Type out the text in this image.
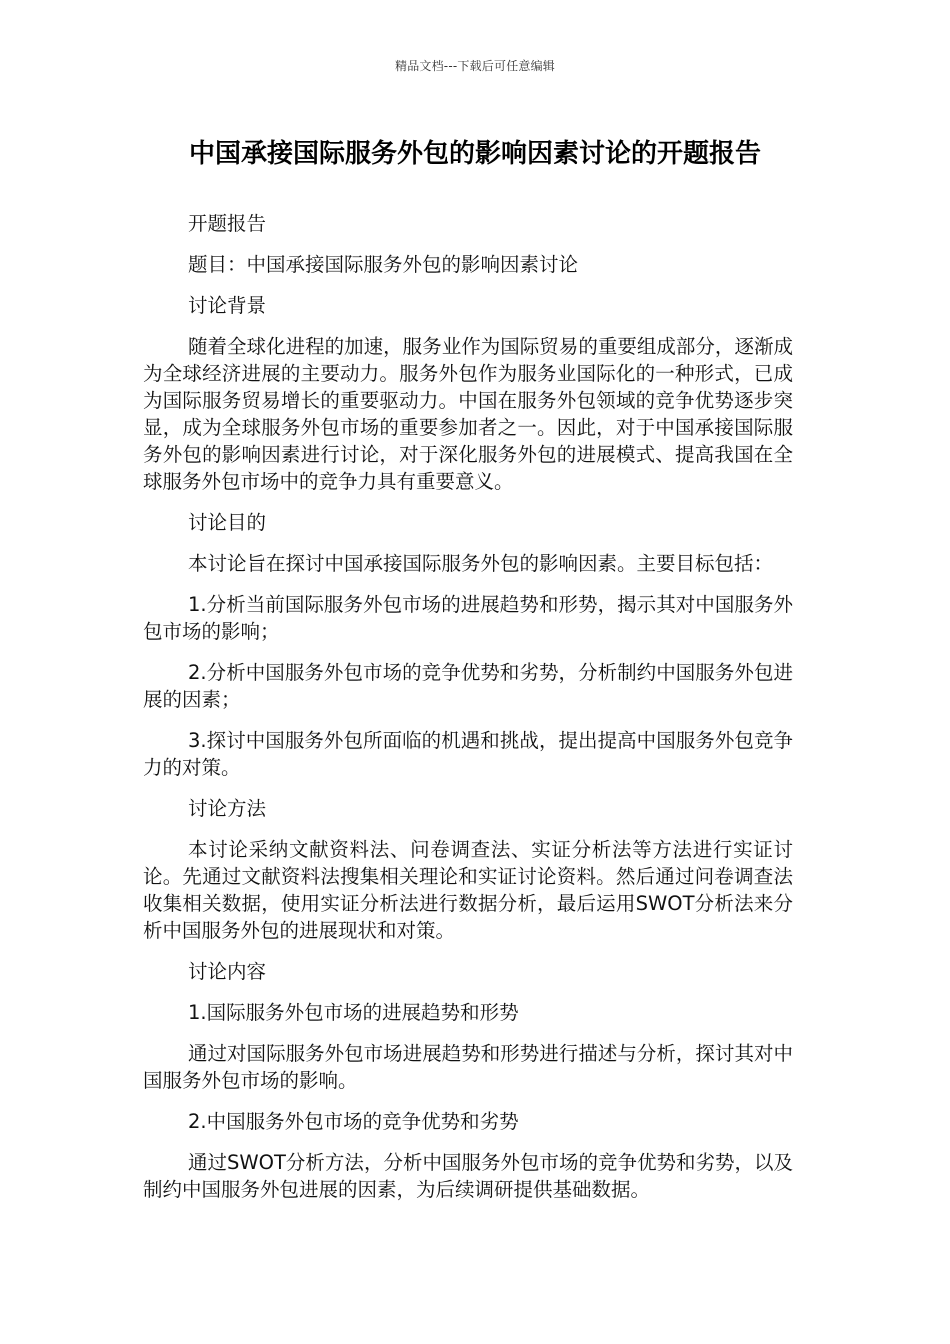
精品文档---下载后可任意编辑
中国承接国际服务外包的影响因素讨论的开题报告

开题报告

题目：中国承接国际服务外包的影响因素讨论

讨论背景

随着全球化进程的加速，服务业作为国际贸易的重要组成部分，逐渐成为全球经济进展的主要动力。服务外包作为服务业国际化的一种形式，已成为国际服务贸易增长的重要驱动力。中国在服务外包领域的竞争优势逐步突显，成为全球服务外包市场的重要参加者之一。因此，对于中国承接国际服务外包的影响因素进行讨论，对于深化服务外包的进展模式、提高我国在全球服务外包市场中的竞争力具有重要意义。

讨论目的

本讨论旨在探讨中国承接国际服务外包的影响因素。主要目标包括：

1.分析当前国际服务外包市场的进展趋势和形势，揭示其对中国服务外包市场的影响；

2.分析中国服务外包市场的竞争优势和劣势，分析制约中国服务外包进展的因素；

3.探讨中国服务外包所面临的机遇和挑战，提出提高中国服务外包竞争力的对策。

讨论方法

本讨论采纳文献资料法、问卷调查法、实证分析法等方法进行实证讨论。先通过文献资料法搜集相关理论和实证讨论资料。然后通过问卷调查法收集相关数据，使用实证分析法进行数据分析，最后运用SWOT分析法来分析中国服务外包的进展现状和对策。

讨论内容

1.国际服务外包市场的进展趋势和形势

通过对国际服务外包市场进展趋势和形势进行描述与分析，探讨其对中国服务外包市场的影响。

2.中国服务外包市场的竞争优势和劣势

通过SWOT分析方法，分析中国服务外包市场的竞争优势和劣势，以及制约中国服务外包进展的因素，为后续调研提供基础数据。
